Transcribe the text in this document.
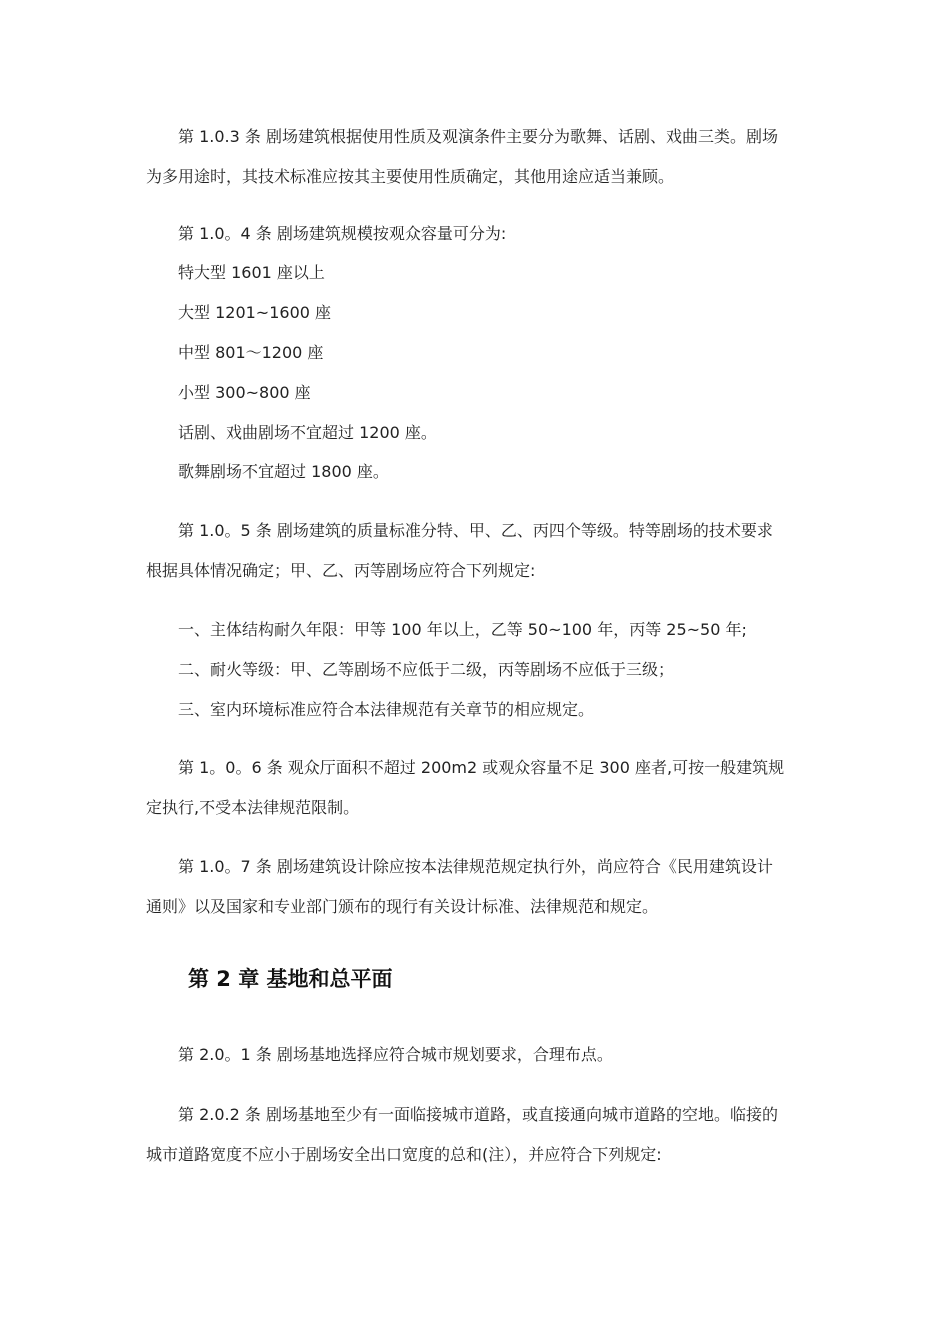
第 1.0.3 条 剧场建筑根据使用性质及观演条件主要分为歌舞、话剧、戏曲三类。剧场
为多用途时，其技术标准应按其主要使用性质确定，其他用途应适当兼顾。
第 1.0。4 条 剧场建筑规模按观众容量可分为:
特大型 1601 座以上
大型 1201~1600 座
中型 801～1200 座
小型 300~800 座
话剧、戏曲剧场不宜超过 1200 座。
歌舞剧场不宜超过 1800 座。
第 1.0。5 条 剧场建筑的质量标准分特、甲、乙、丙四个等级。特等剧场的技术要求
根据具体情况确定；甲、乙、丙等剧场应符合下列规定:
一、主体结构耐久年限：甲等 100 年以上，乙等 50~100 年，丙等 25~50 年;
二、耐火等级：甲、乙等剧场不应低于二级，丙等剧场不应低于三级；
三、室内环境标准应符合本法律规范有关章节的相应规定。
第 1。0。6 条 观众厅面积不超过 200m2 或观众容量不足 300 座者,可按一般建筑规
定执行,不受本法律规范限制。
第 1.0。7 条 剧场建筑设计除应按本法律规范规定执行外，尚应符合《民用建筑设计
通则》以及国家和专业部门颁布的现行有关设计标准、法律规范和规定。
第 2 章 基地和总平面
第 2.0。1 条 剧场基地选择应符合城市规划要求，合理布点。
第 2.0.2 条 剧场基地至少有一面临接城市道路，或直接通向城市道路的空地。临接的
城市道路宽度不应小于剧场安全出口宽度的总和(注），并应符合下列规定:
